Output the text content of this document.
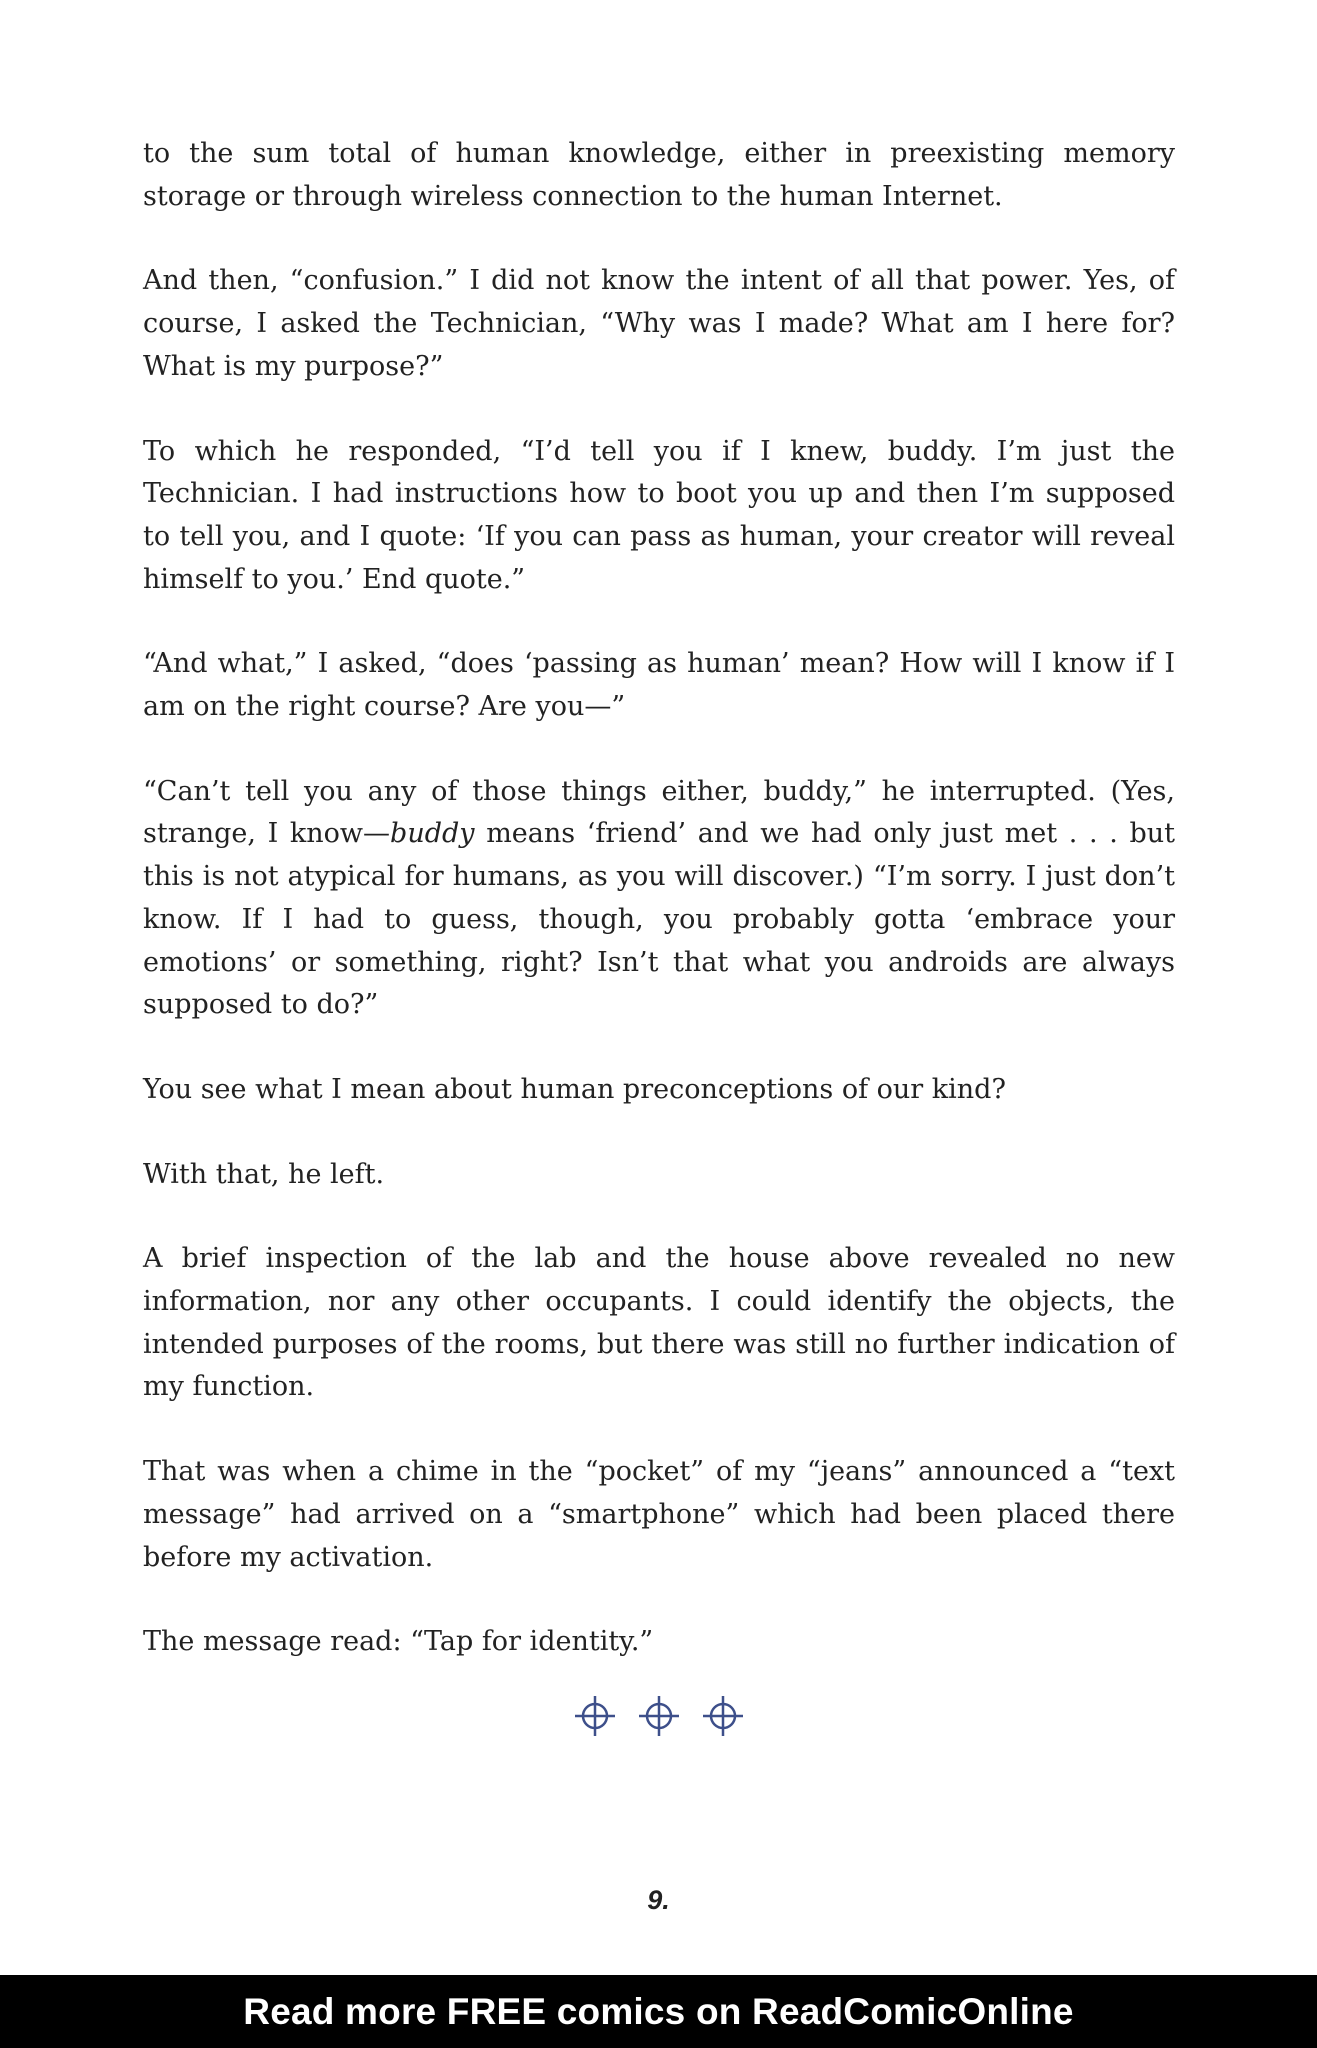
to the sum total of human knowledge, either in preexisting memory storage or through wireless connection to the human Internet.

And then, “confusion.” I did not know the intent of all that power. Yes, of course, I asked the Technician, “Why was I made? What am I here for? What is my purpose?”

To which he responded, “I’d tell you if I knew, buddy. I’m just the Technician. I had instructions how to boot you up and then I’m supposed to tell you, and I quote: ‘If you can pass as human, your creator will reveal himself to you.’ End quote.”

“And what,” I asked, “does ‘passing as human’ mean? How will I know if I am on the right course? Are you—”

“Can’t tell you any of those things either, buddy,” he interrupted. (Yes, strange, I know—buddy means ‘friend’ and we had only just met . . . but this is not atypical for humans, as you will discover.) “I’m sorry. I just don’t know. If I had to guess, though, you probably gotta ‘embrace your emotions’ or something, right? Isn’t that what you androids are always supposed to do?”

You see what I mean about human preconceptions of our kind?

With that, he left.

A brief inspection of the lab and the house above revealed no new information, nor any other occupants. I could identify the objects, the intended purposes of the rooms, but there was still no further indication of my function.

That was when a chime in the “pocket” of my “jeans” announced a “text message” had arrived on a “smartphone” which had been placed there before my activation.

The message read: “Tap for identity.”

9.
Read more FREE comics on ReadComicOnline
